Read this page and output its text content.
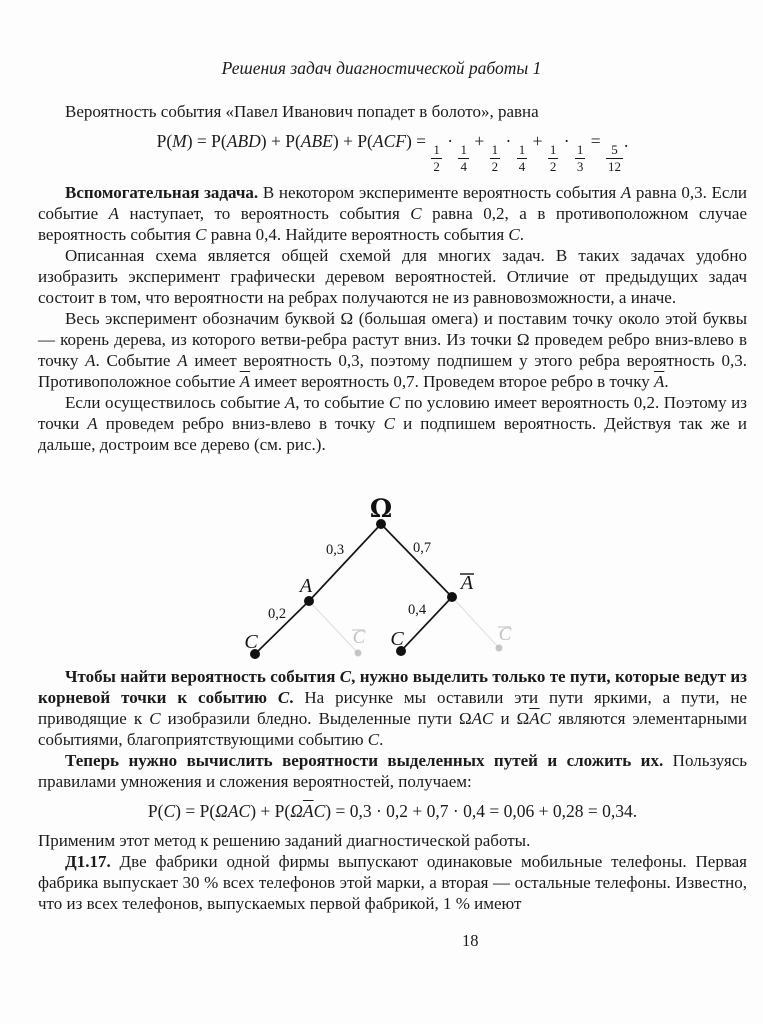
Решения задач диагностической работы 1
Вероятность события «Павел Иванович попадет в болото», равна
P(M) = P(ABD) + P(ABE) + P(ACF) =
$\frac{1}{2}$
·
$\frac{1}{4}$
+
$\frac{1}{2}$
·
$\frac{1}{4}$
+
$\frac{1}{2}$
·
$\frac{1}{3}$
=
$\frac{5}{12}$
.
Вспомогательная задача. В некотором эксперименте вероятность события A равна 0,3. Если событие A наступает, то вероятность события C равна 0,2, а в противоположном случае вероятность события C равна 0,4. Найдите вероятность события C.
Описанная схема является общей схемой для многих задач. В таких задачах удобно изобразить эксперимент графически деревом вероятностей. Отличие от предыдущих задач состоит в том, что вероятности на ребрах получаются не из равновозможности, а иначе.
Весь эксперимент обозначим буквой Ω (большая омега) и поставим точку около этой буквы — корень дерева, из которого ветви-ребра растут вниз. Из точки Ω проведем ребро вниз-влево в точку A. Событие A имеет вероятность 0,3, поэтому подпишем у этого ребра вероятность 0,3. Противоположное событие $\overline{A}$ имеет вероятность 0,7. Проведем второе ребро в точку $\overline{A}$.
Если осуществилось событие A, то событие C по условию имеет вероятность 0,2. Поэтому из точки A проведем ребро вниз-влево в точку C и подпишем вероятность. Действуя так же и дальше, достроим все дерево (см. рис.).
Ω
A	A
C	C
C	C
0,3	0,7
0,2	0,4
Чтобы найти вероятность события C, нужно выделить только те пути, которые ведут из корневой точки к событию C. На рисунке мы оставили эти пути яркими, а пути, не приводящие к C изобразили бледно. Выделенные пути ΩAC и $\Omega\overline{A}C$ являются элементарными событиями, благоприятствующими событию C.
Теперь нужно вычислить вероятности выделенных путей и сложить их. Пользуясь правилами умножения и сложения вероятностей, получаем:
$P(C) = P(\Omega AC) + P(\Omega\overline{A}C) = 0,3 \cdot 0,2 + 0,7 \cdot 0,4 = 0,06 + 0,28 = 0,34$.
Применим этот метод к решению заданий диагностической работы.
Д1.17. Две фабрики одной фирмы выпускают одинаковые мобильные телефоны. Первая фабрика выпускает 30 % всех телефонов этой марки, а вторая — остальные телефоны. Известно, что из всех телефонов, выпускаемых первой фабрикой, 1 % имеют
18
